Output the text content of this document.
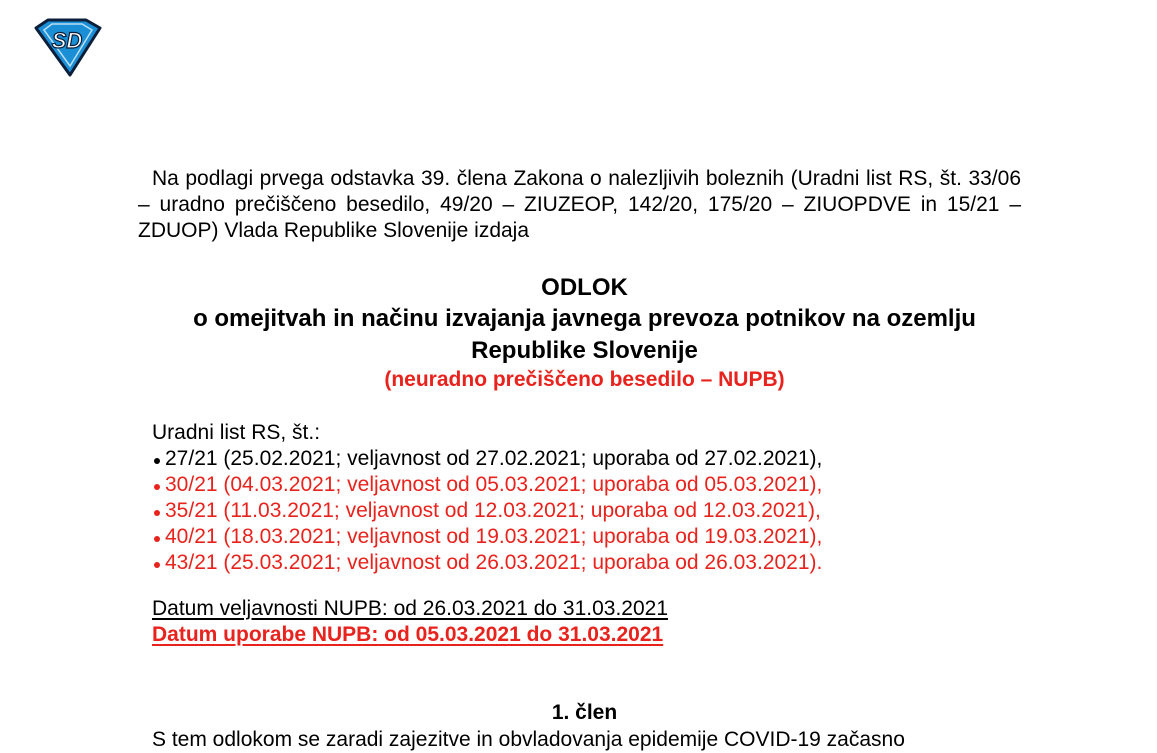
SD

Na podlagi prvega odstavka 39. člena Zakona o nalezljivih boleznih (Uradni list RS, št. 33/06 – uradno prečiščeno besedilo, 49/20 – ZIUZEOP, 142/20, 175/20 – ZIUOPDVE in 15/21 – ZDUOP) Vlada Republike Slovenije izdaja

ODLOK

o omejitvah in načinu izvajanja javnega prevoza potnikov na ozemlju Republike Slovenije

(neuradno prečiščeno besedilo – NUPB)

Uradni list RS, št.:

27/21 (25.02.2021; veljavnost od 27.02.2021; uporaba od 27.02.2021),
30/21 (04.03.2021; veljavnost od 05.03.2021; uporaba od 05.03.2021),
35/21 (11.03.2021; veljavnost od 12.03.2021; uporaba od 12.03.2021),
40/21 (18.03.2021; veljavnost od 19.03.2021; uporaba od 19.03.2021),
43/21 (25.03.2021; veljavnost od 26.03.2021; uporaba od 26.03.2021).

Datum veljavnosti NUPB: od 26.03.2021 do 31.03.2021

Datum uporabe NUPB: od 05.03.2021 do 31.03.2021

1. člen

S tem odlokom se zaradi zajezitve in obvladovanja epidemije COVID-19 začasno
